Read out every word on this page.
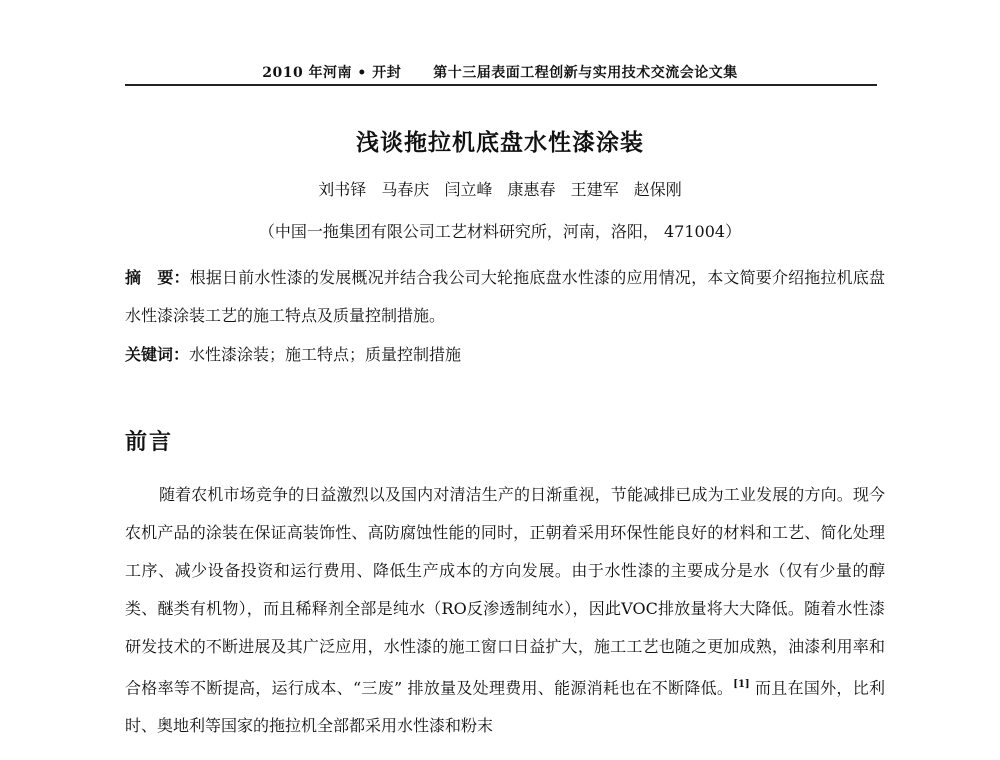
2010 年河南 • 开封 第十三届表面工程创新与实用技术交流会论文集
浅谈拖拉机底盘水性漆涂装
刘书铎 马春庆 闫立峰 康惠春 王建军 赵保刚
（中国一拖集团有限公司工艺材料研究所，河南，洛阳， 471004）
摘　要：根据日前水性漆的发展概况并结合我公司大轮拖底盘水性漆的应用情况，本文简要介绍拖拉机底盘水性漆涂装工艺的施工特点及质量控制措施。
关键词：水性漆涂装；施工特点；质量控制措施
前言
随着农机市场竞争的日益激烈以及国内对清洁生产的日渐重视，节能减排已成为工业发展的方向。现今农机产品的涂装在保证高装饰性、高防腐蚀性能的同时，正朝着采用环保性能良好的材料和工艺、简化处理工序、减少设备投资和运行费用、降低生产成本的方向发展。由于水性漆的主要成分是水（仅有少量的醇类、醚类有机物），而且稀释剂全部是纯水（RO反渗透制纯水），因此VOC排放量将大大降低。随着水性漆研发技术的不断进展及其广泛应用，水性漆的施工窗口日益扩大，施工工艺也随之更加成熟，油漆利用率和合格率等不断提高，运行成本、“三废” 排放量及处理费用、能源消耗也在不断降低。[1] 而且在国外，比利时、奥地利等国家的拖拉机全部都采用水性漆和粉末
